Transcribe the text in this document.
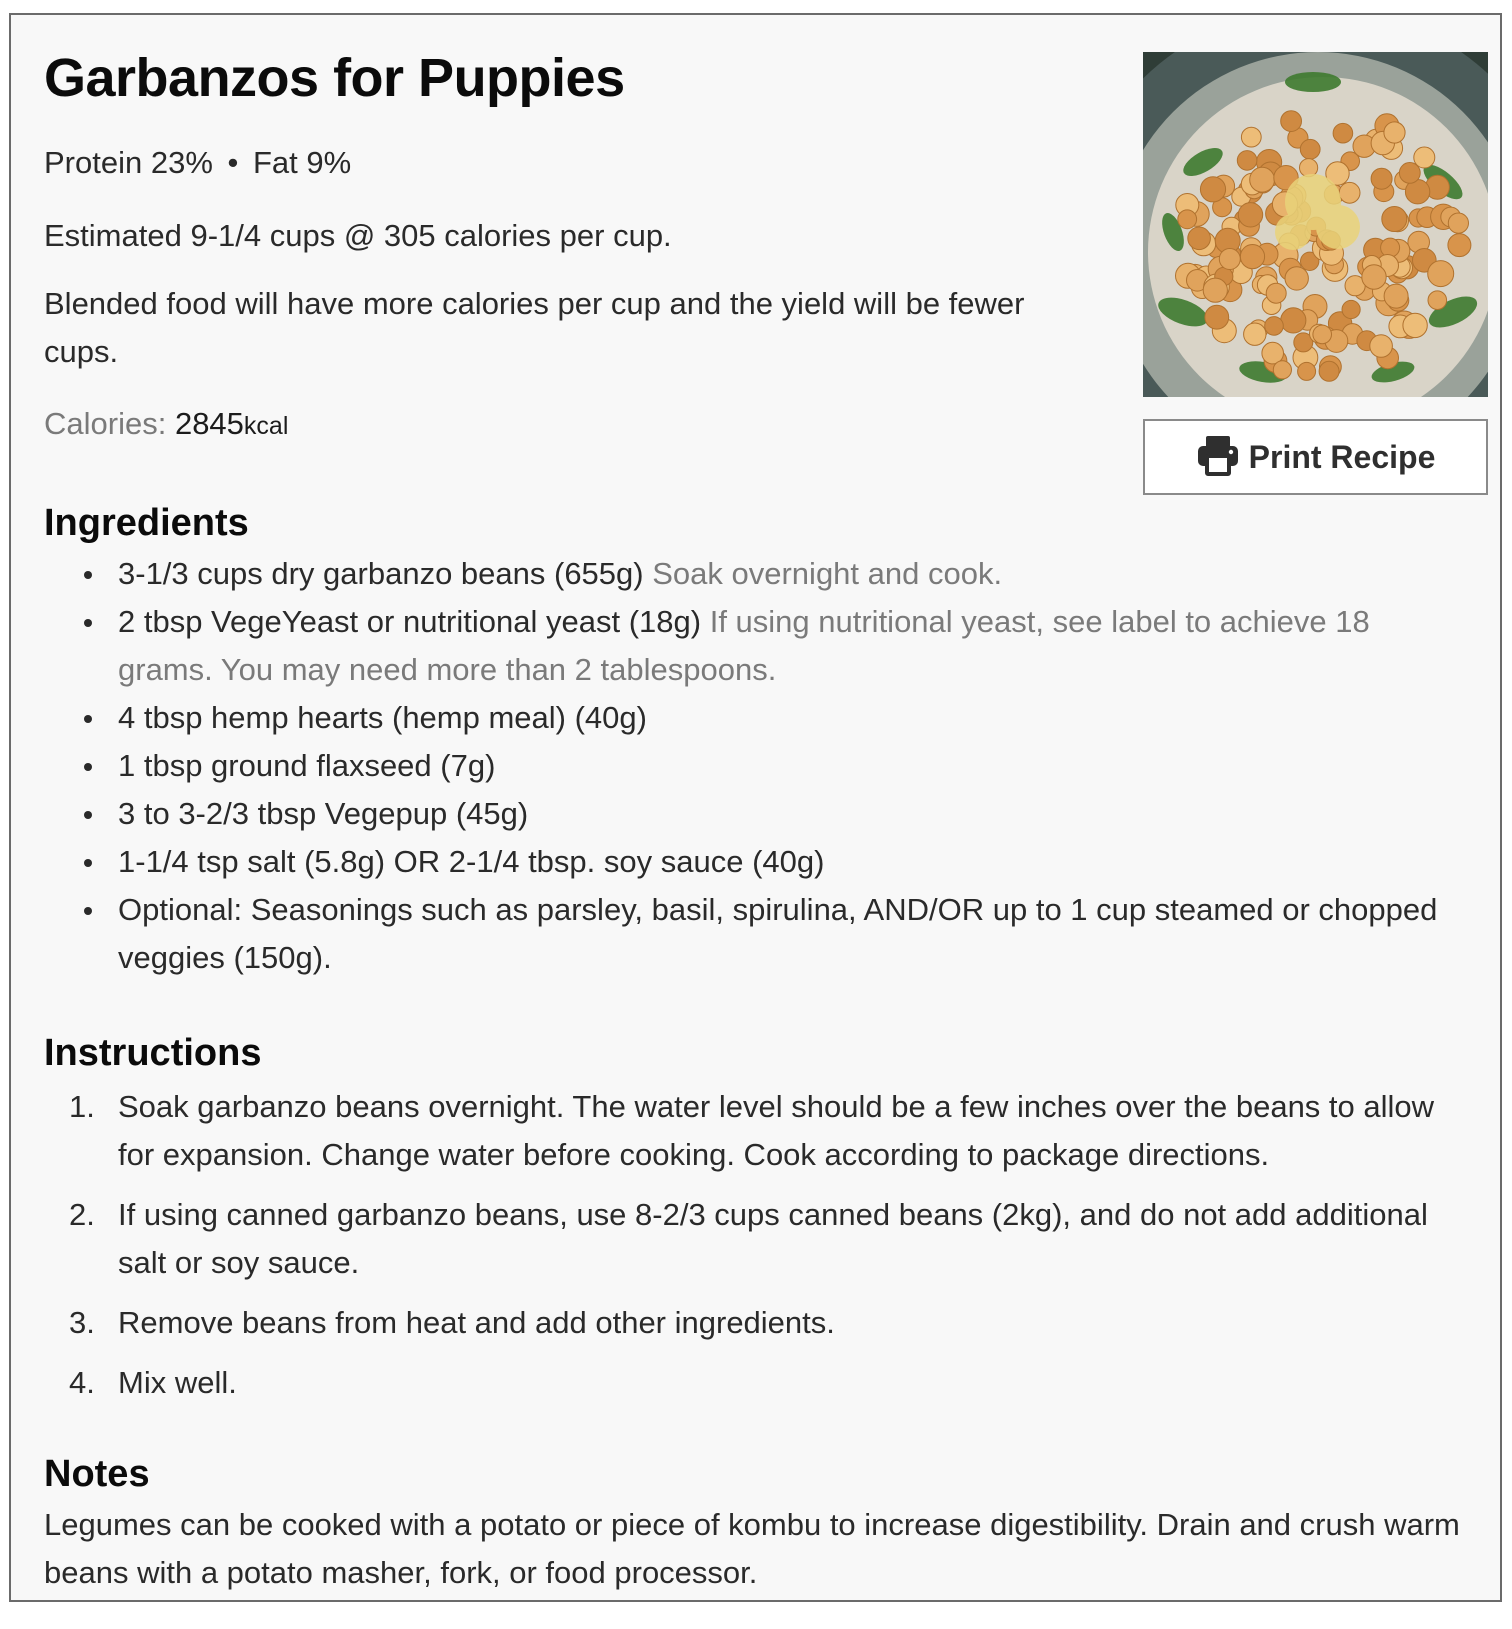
Garbanzos for Puppies

Protein 23% • Fat 9%

Estimated 9-1/4 cups @ 305 calories per cup.

Blended food will have more calories per cup and the yield will be fewer cups.

Calories: 2845kcal

Print Recipe
Ingredients
3-1/3 cups dry garbanzo beans (655g) Soak overnight and cook.
2 tbsp VegeYeast or nutritional yeast (18g) If using nutritional yeast, see label to achieve 18 grams. You may need more than 2 tablespoons.
4 tbsp hemp hearts (hemp meal) (40g)
1 tbsp ground flaxseed (7g)
3 to 3-2/3 tbsp Vegepup (45g)
1-1/4 tsp salt (5.8g) OR 2-1/4 tbsp. soy sauce (40g)
Optional: Seasonings such as parsley, basil, spirulina, AND/OR up to 1 cup steamed or chopped veggies (150g).
Instructions
1. Soak garbanzo beans overnight. The water level should be a few inches over the beans to allow for expansion. Change water before cooking. Cook according to package directions.
2. If using canned garbanzo beans, use 8-2/3 cups canned beans (2kg), and do not add additional salt or soy sauce.
3. Remove beans from heat and add other ingredients.
4. Mix well.
Notes

Legumes can be cooked with a potato or piece of kombu to increase digestibility. Drain and crush warm beans with a potato masher, fork, or food processor.
